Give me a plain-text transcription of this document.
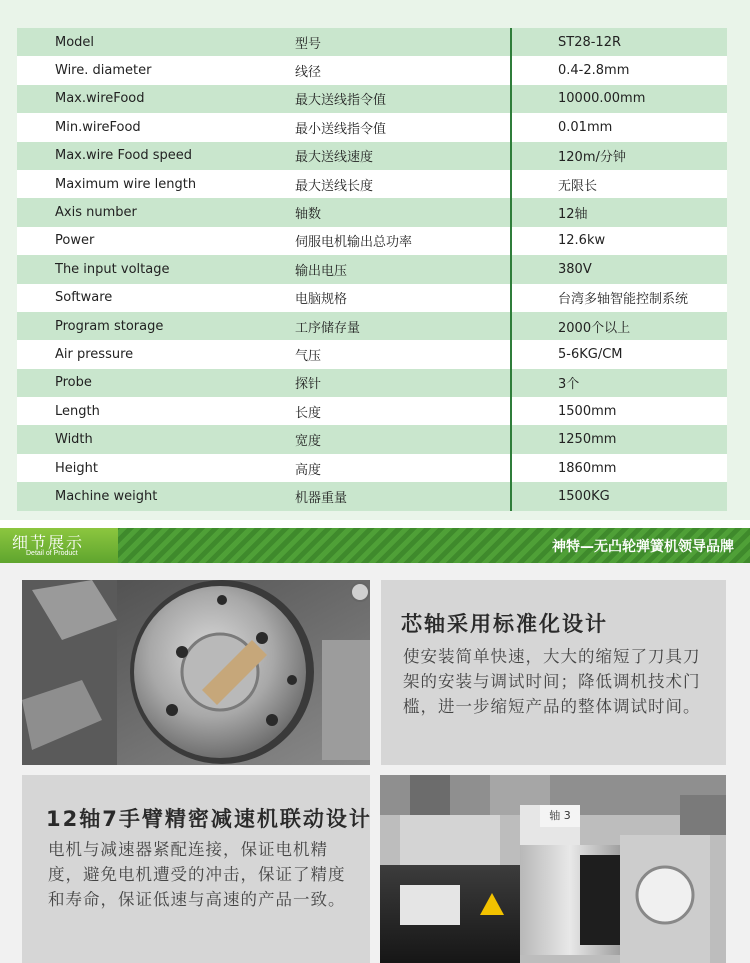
Model	型号	ST28-12R
Wire. diameter	线径	0.4-2.8mm
Max.wireFood	最大送线指令值	10000.00mm
Min.wireFood	最小送线指令值	0.01mm
Max.wire Food speed	最大送线速度	120m/分钟
Maximum wire length	最大送线长度	无限长
Axis number	轴数	12轴
Power	伺服电机输出总功率	12.6kw
The input voltage	输出电压	380V
Software	电脑规格	台湾多轴智能控制系统
Program storage	工序储存量	2000个以上
Air pressure	气压	5-6KG/CM
Probe	探针	3个
Length	长度	1500mm
Width	宽度	1250mm
Height	高度	1860mm
Machine weight	机器重量	1500KG
细节展示
Detail of Product	神特—无凸轮弹簧机领导品牌
芯轴采用标准化设计
使安装简单快速，大大的缩短了刀具刀架的安装与调试时间；降低调机技术门槛，进一步缩短产品的整体调试时间。
12轴7手臂精密减速机联动设计
电机与减速器紧配连接，保证电机精度，避免电机遭受的冲击，保证了精度和寿命，保证低速与高速的产品一致。
轴 3
